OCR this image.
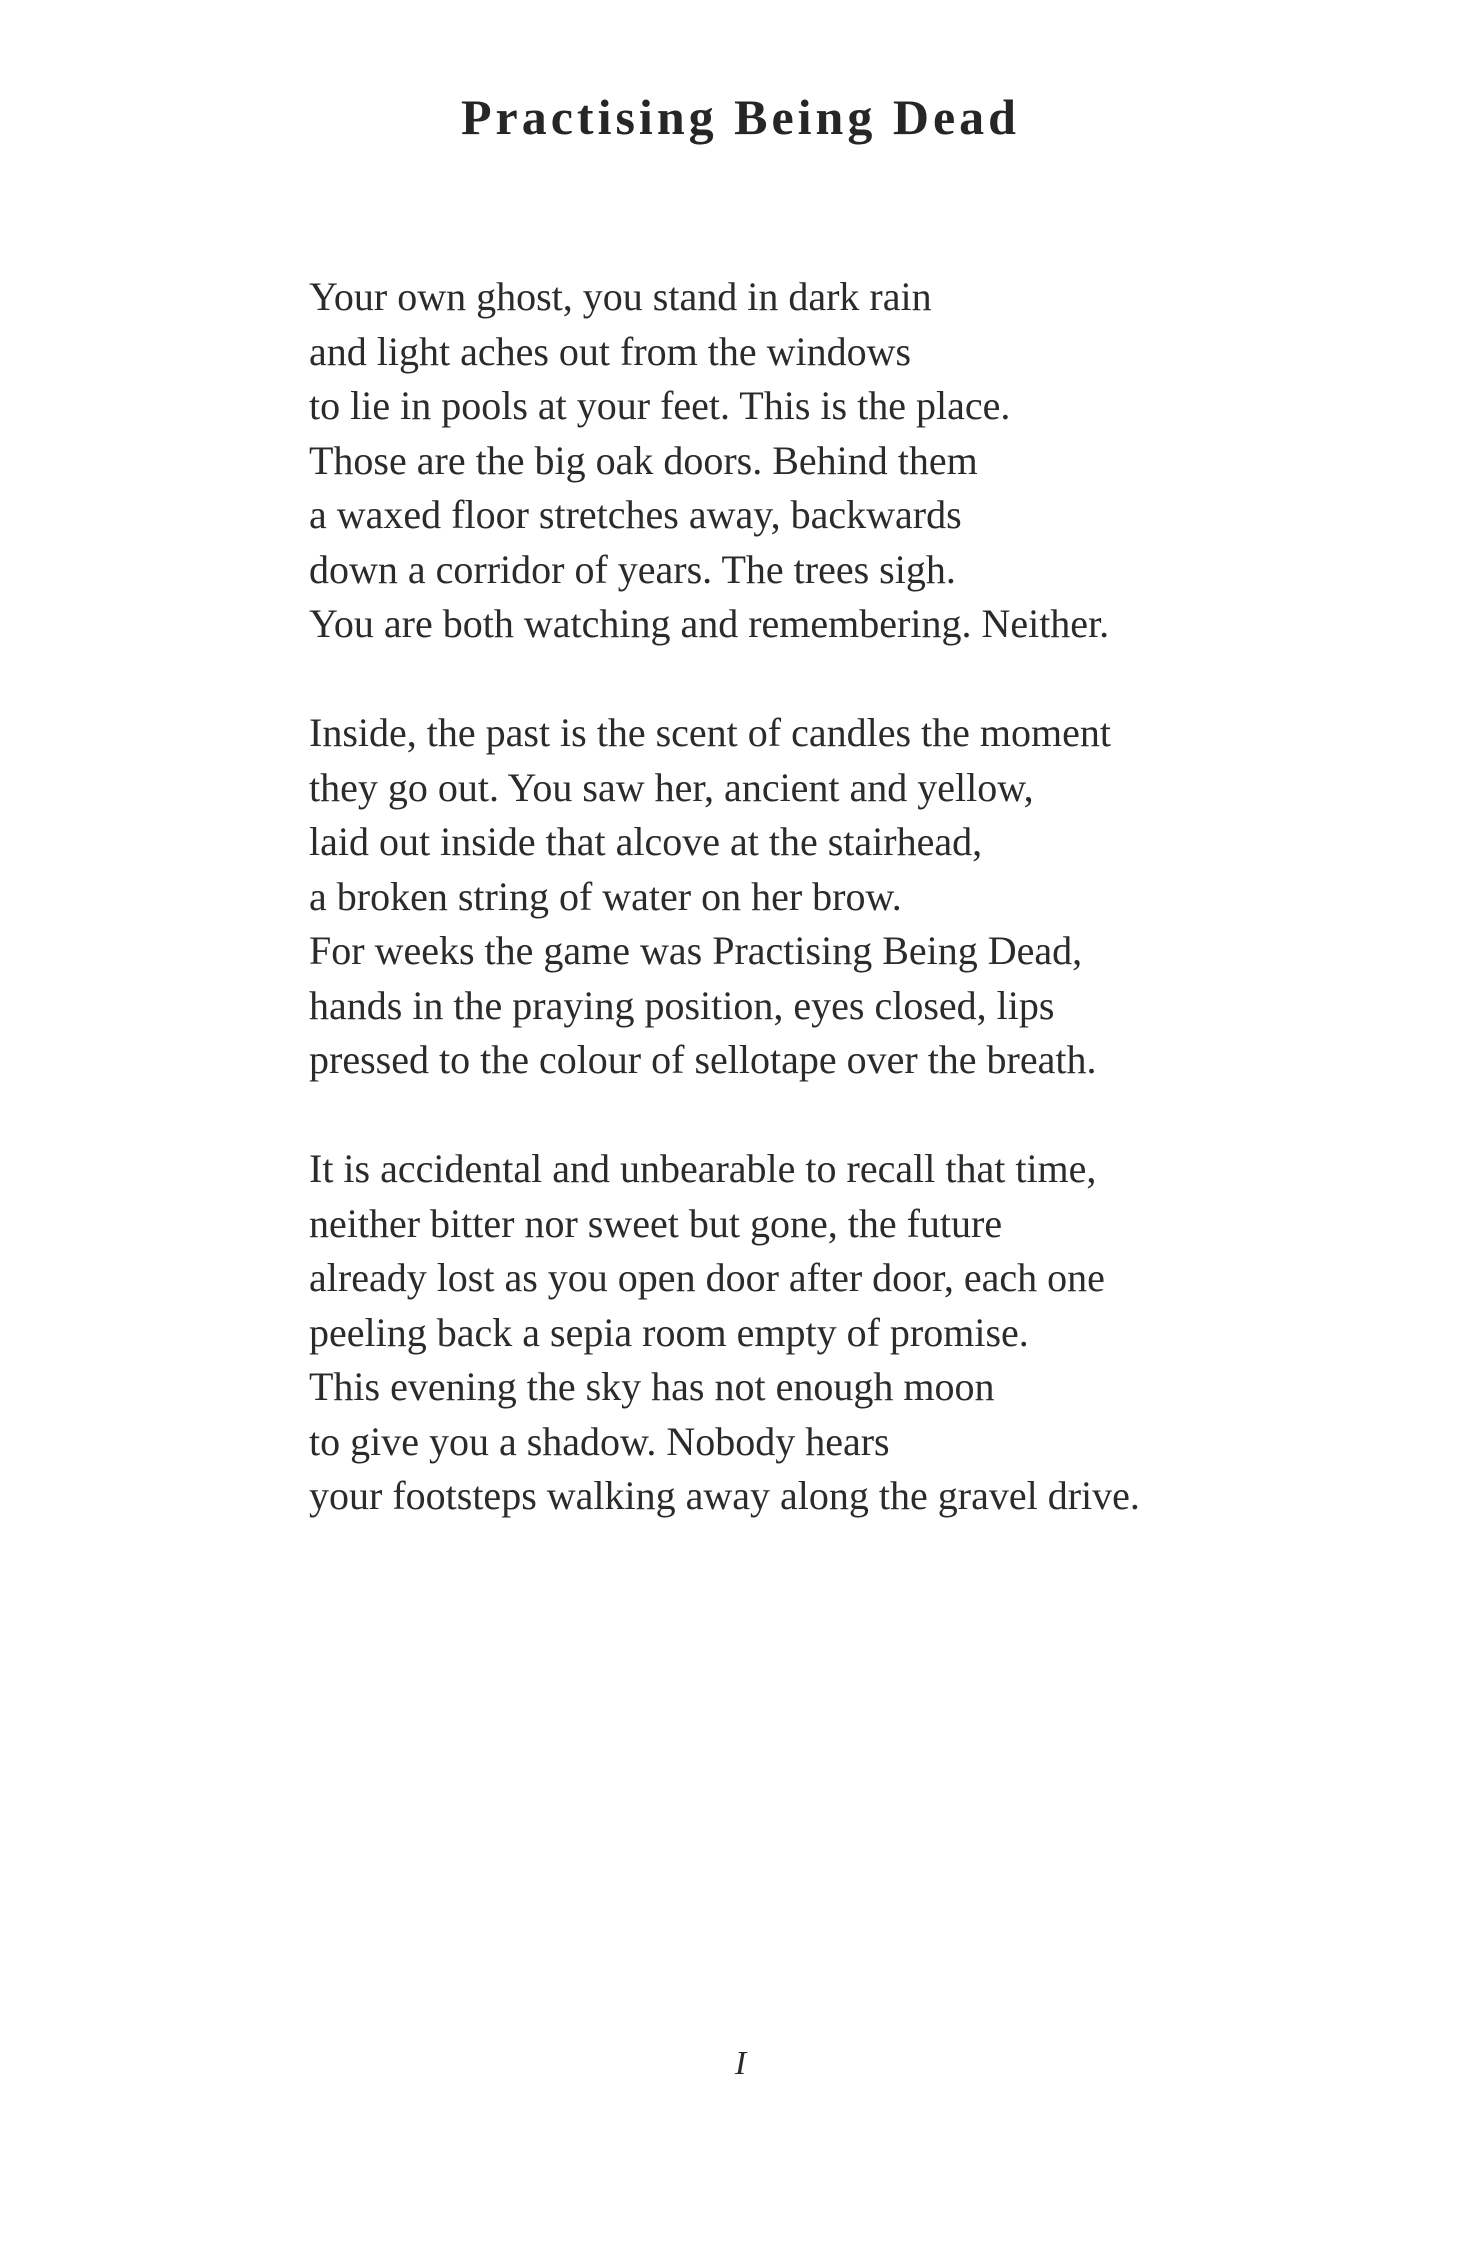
Practising Being Dead
Your own ghost, you stand in dark rain
and light aches out from the windows
to lie in pools at your feet. This is the place.
Those are the big oak doors. Behind them
a waxed floor stretches away, backwards
down a corridor of years. The trees sigh.
You are both watching and remembering. Neither.
Inside, the past is the scent of candles the moment
they go out. You saw her, ancient and yellow,
laid out inside that alcove at the stairhead,
a broken string of water on her brow.
For weeks the game was Practising Being Dead,
hands in the praying position, eyes closed, lips
pressed to the colour of sellotape over the breath.
It is accidental and unbearable to recall that time,
neither bitter nor sweet but gone, the future
already lost as you open door after door, each one
peeling back a sepia room empty of promise.
This evening the sky has not enough moon
to give you a shadow. Nobody hears
your footsteps walking away along the gravel drive.
I
